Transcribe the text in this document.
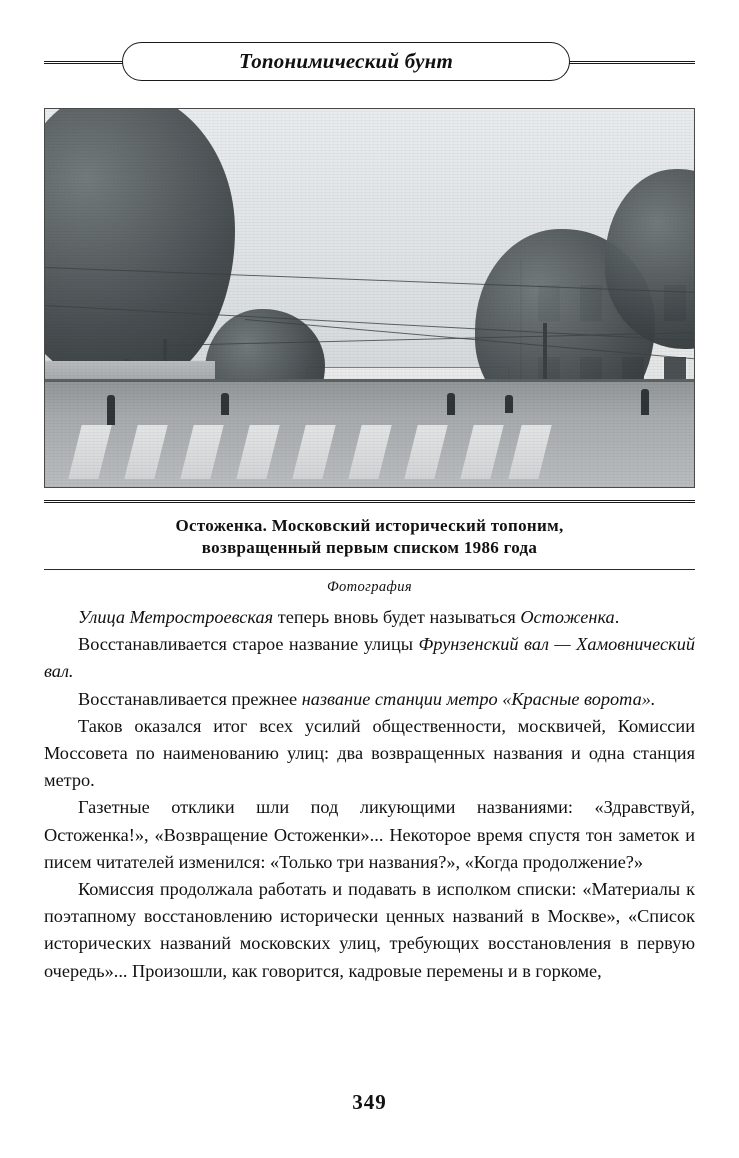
Топонимический бунт
Остоженка. Московский исторический топоним,
возвращенный первым списком 1986 года
Фотография

Улица Метростроевская теперь вновь будет называться Остоженка.

Восстанавливается старое название улицы Фрунзенский вал — Хамовнический вал.

Восстанавливается прежнее название станции метро «Красные ворота».

Таков оказался итог всех усилий общественности, москвичей, Комиссии Моссовета по наименованию улиц: два возвращенных названия и одна станция метро.

Газетные отклики шли под ликующими названиями: «Здравствуй, Остоженка!», «Возвращение Остоженки»... Некоторое время спустя тон заметок и писем читателей изменился: «Только три названия?», «Когда продолжение?»

Комиссия продолжала работать и подавать в исполком списки: «Материалы к поэтапному восстановлению исторически ценных названий в Москве», «Список исторических названий московских улиц, требующих восстановления в первую очередь»... Произошли, как говорится, кадровые перемены и в горкоме,

349
